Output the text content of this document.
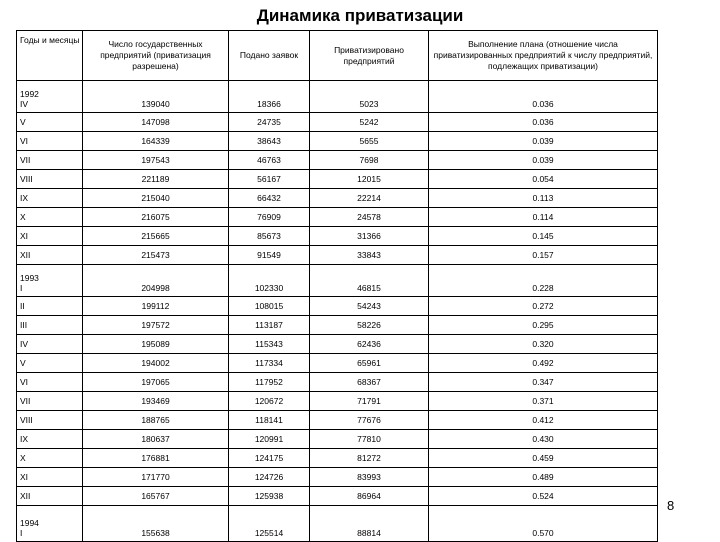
Динамика приватизации
Годы и месяцы	Число государственных предприятий (приватизация разрешена)	Подано заявок	Приватизировано предприятий	Выполнение плана (отношение числа приватизированных предприятий к числу предприятий, подлежащих приватизации)

1992
IV	139040	18366	5023	0.036

V	147098	24735	5242	0.036

VI	164339	38643	5655	0.039

VII	197543	46763	7698	0.039

VIII	221189	56167	12015	0.054

IX	215040	66432	22214	0.113

X	216075	76909	24578	0.114

XI	215665	85673	31366	0.145

XII	215473	91549	33843	0.157

1993
I	204998	102330	46815	0.228

II	199112	108015	54243	0.272

III	197572	113187	58226	0.295

IV	195089	115343	62436	0.320

V	194002	117334	65961	0.492

VI	197065	117952	68367	0.347

VII	193469	120672	71791	0.371

VIII	188765	118141	77676	0.412

IX	180637	120991	77810	0.430

X	176881	124175	81272	0.459

XI	171770	124726	83993	0.489

XII	165767	125938	86964	0.524

1994
I	155638	125514	88814	0.570
8
